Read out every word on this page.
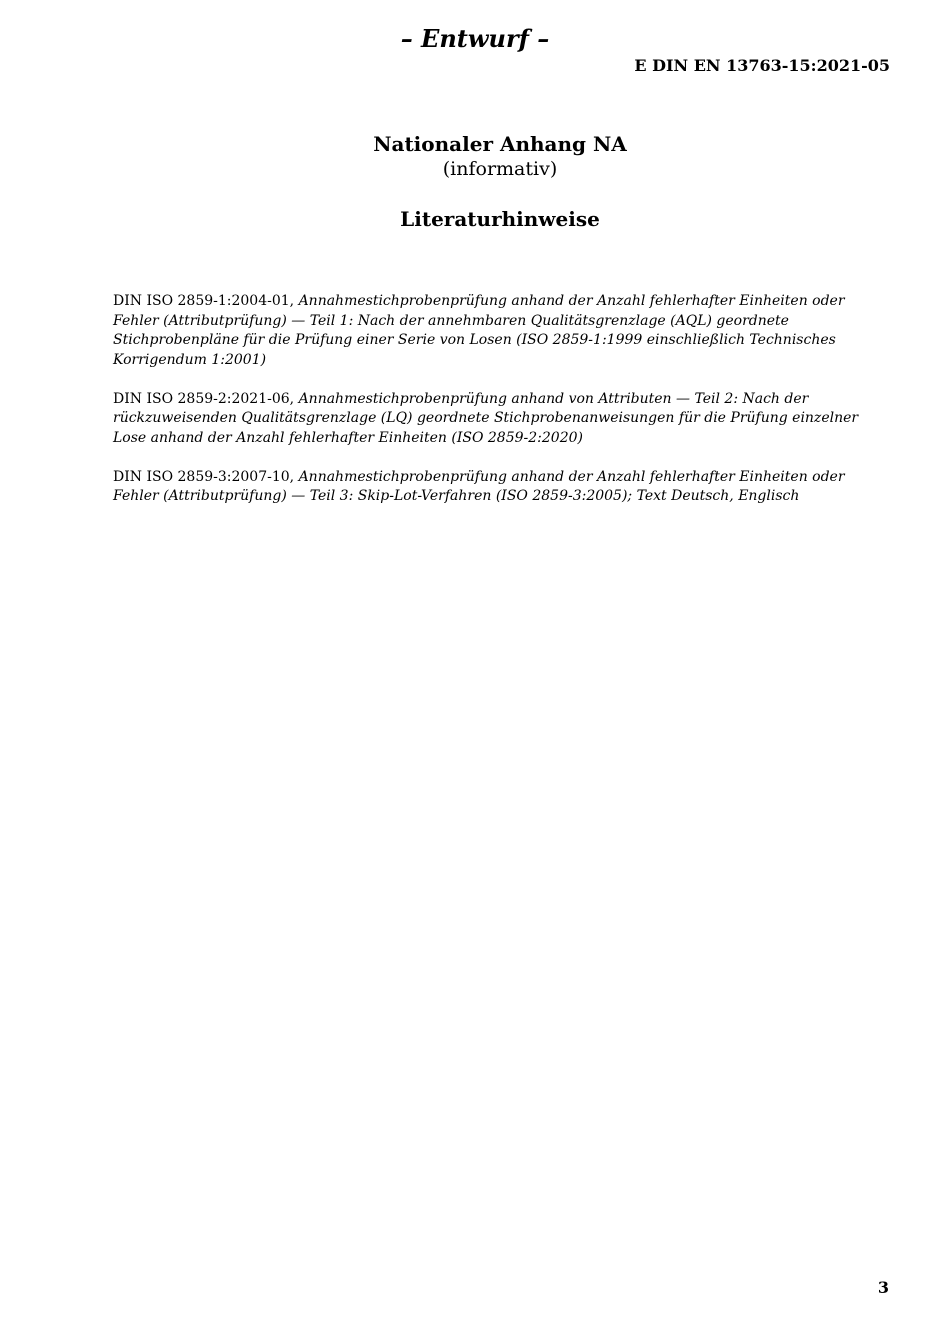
– Entwurf –
E DIN EN 13763-15:2021-05
Nationaler Anhang NA
(informativ)
Literaturhinweise

DIN ISO 2859-1:2004-01, Annahmestichprobenprüfung anhand der Anzahl fehlerhafter Einheiten oder Fehler (Attributprüfung) — Teil 1: Nach der annehmbaren Qualitätsgrenzlage (AQL) geordnete Stichprobenpläne für die Prüfung einer Serie von Losen (ISO 2859-1:1999 einschließlich Technisches Korrigendum 1:2001)

DIN ISO 2859-2:2021-06, Annahmestichprobenprüfung anhand von Attributen — Teil 2: Nach der rückzuweisenden Qualitätsgrenzlage (LQ) geordnete Stichprobenanweisungen für die Prüfung einzelner Lose anhand der Anzahl fehlerhafter Einheiten (ISO 2859-2:2020)

DIN ISO 2859-3:2007-10, Annahmestichprobenprüfung anhand der Anzahl fehlerhafter Einheiten oder Fehler (Attributprüfung) — Teil 3: Skip-Lot-Verfahren (ISO 2859-3:2005); Text Deutsch, Englisch

3
